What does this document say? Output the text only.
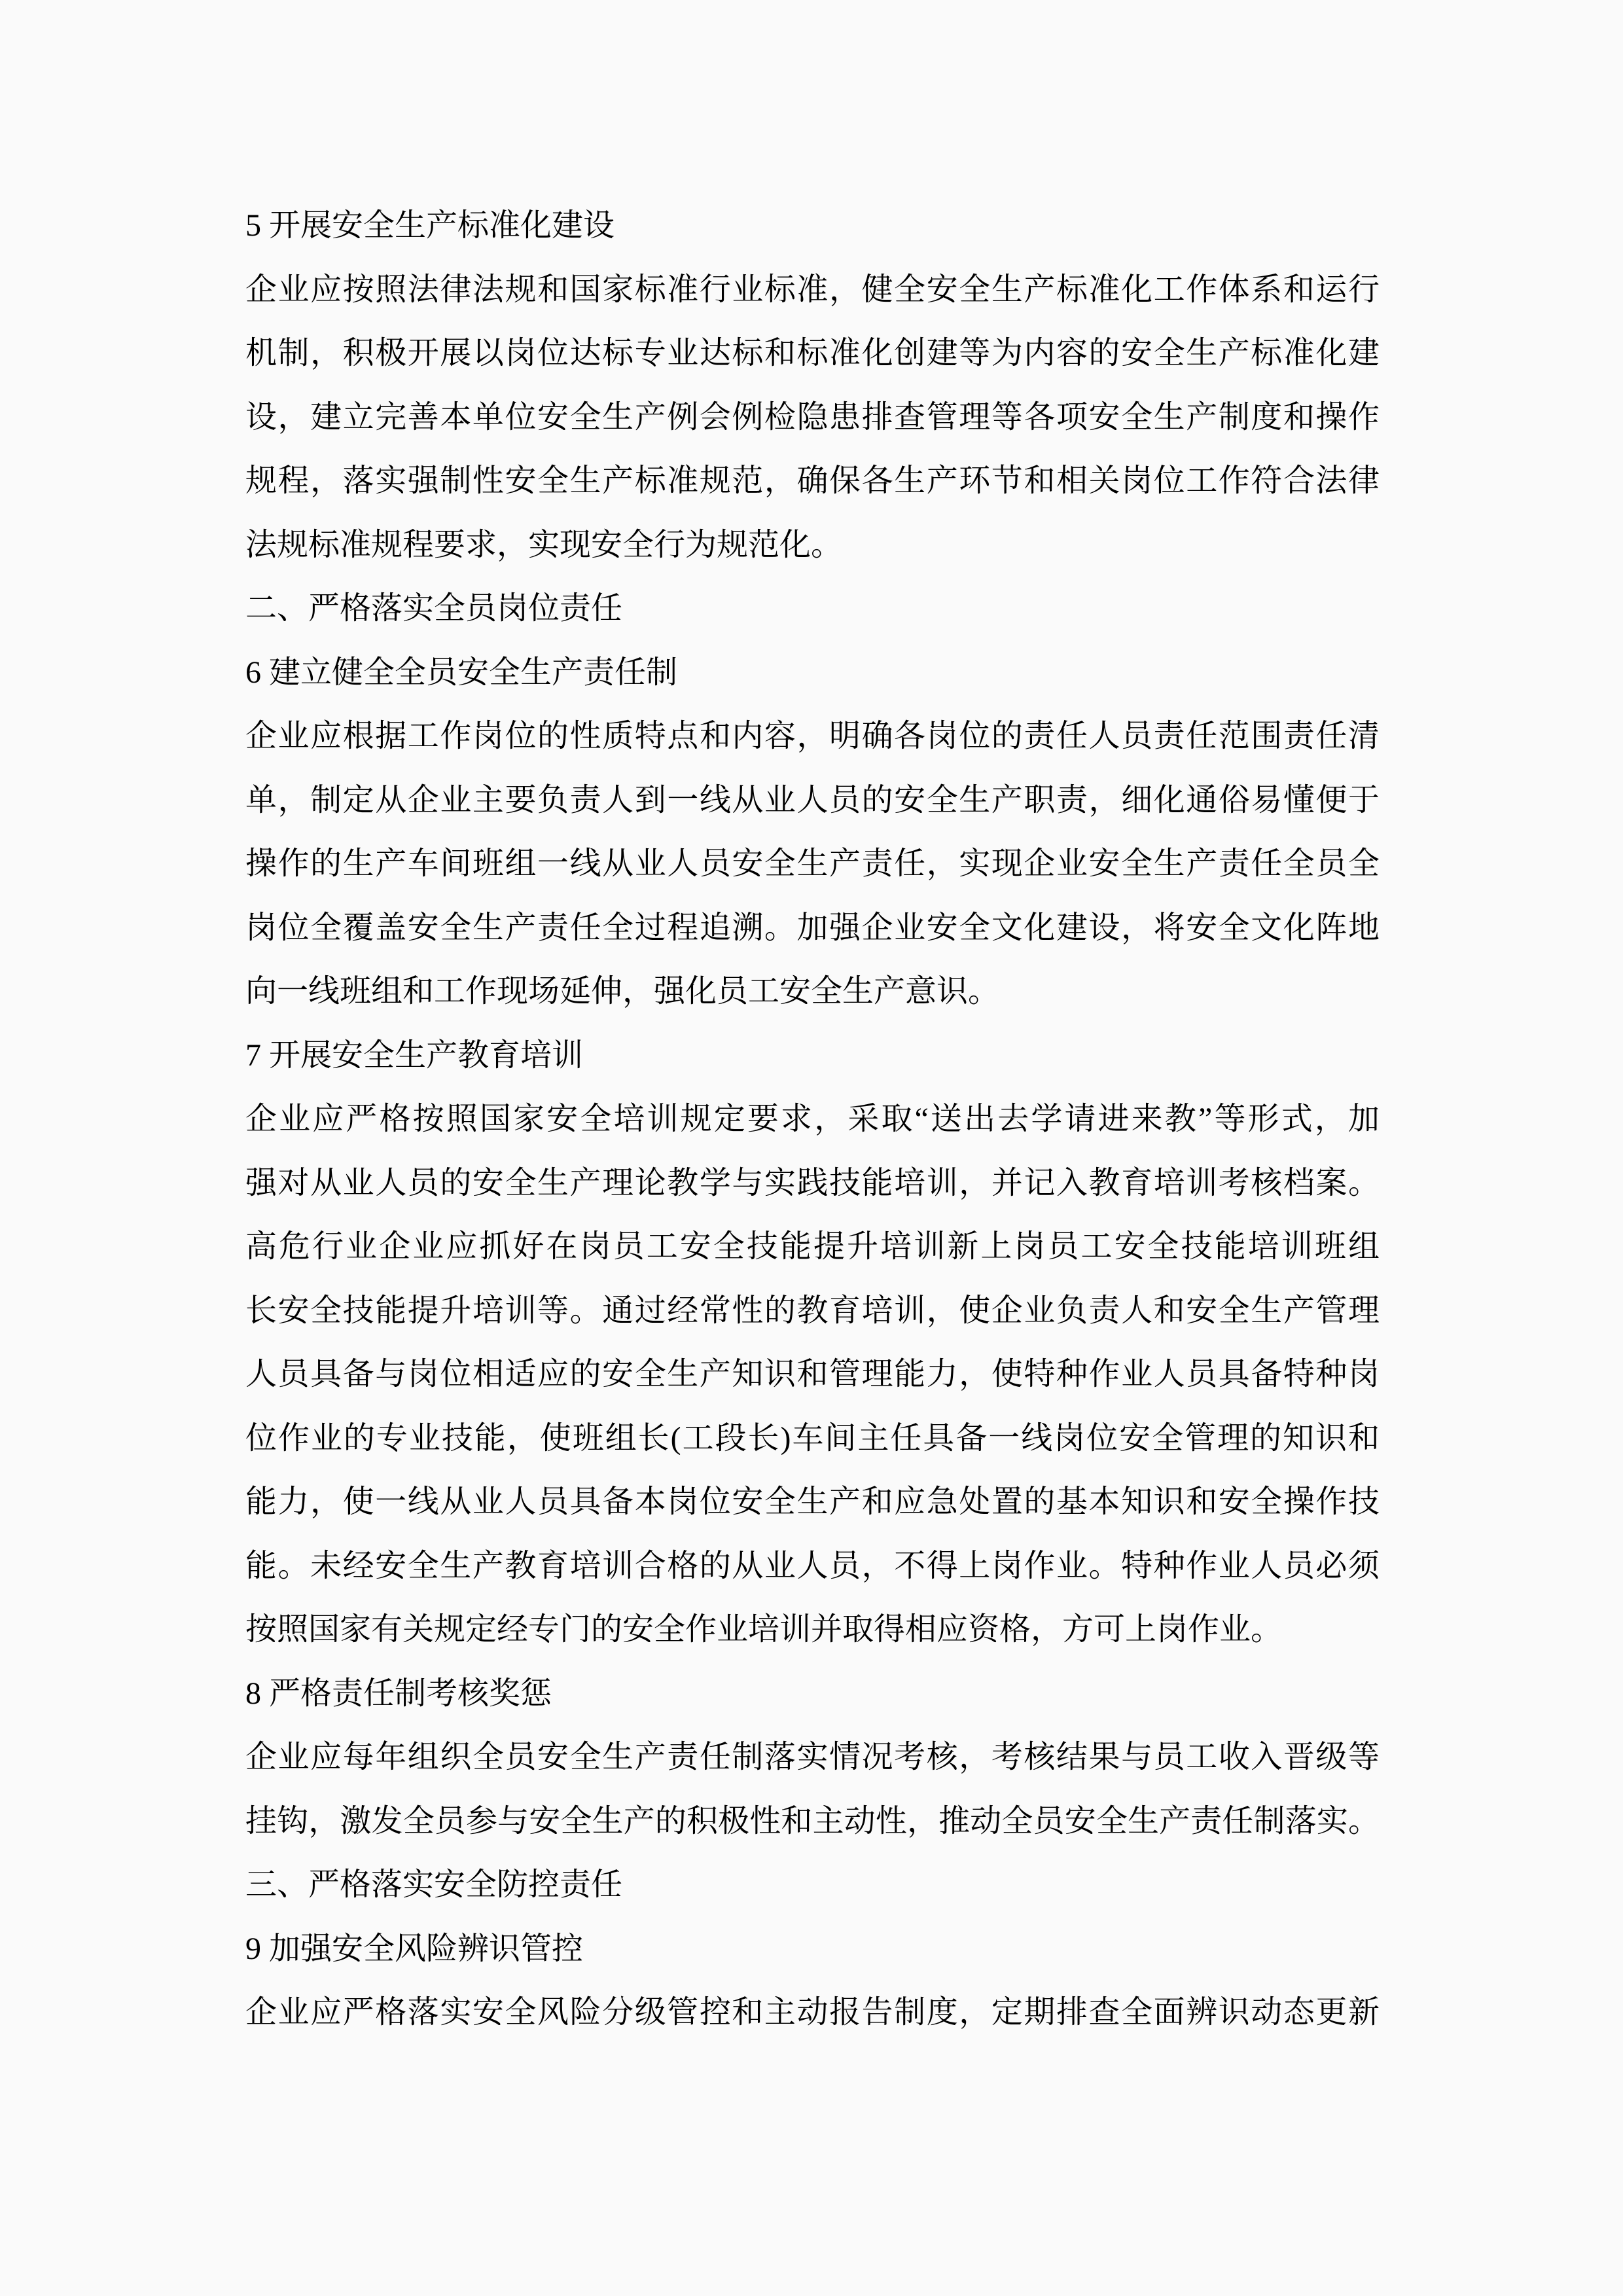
5 开展安全生产标准化建设
企业应按照法律法规和国家标准行业标准，健全安全生产标准化工作体系和运行
机制，积极开展以岗位达标专业达标和标准化创建等为内容的安全生产标准化建
设，建立完善本单位安全生产例会例检隐患排查管理等各项安全生产制度和操作
规程，落实强制性安全生产标准规范，确保各生产环节和相关岗位工作符合法律
法规标准规程要求，实现安全行为规范化。
二、严格落实全员岗位责任
6 建立健全全员安全生产责任制
企业应根据工作岗位的性质特点和内容，明确各岗位的责任人员责任范围责任清
单，制定从企业主要负责人到一线从业人员的安全生产职责，细化通俗易懂便于
操作的生产车间班组一线从业人员安全生产责任，实现企业安全生产责任全员全
岗位全覆盖安全生产责任全过程追溯。加强企业安全文化建设，将安全文化阵地
向一线班组和工作现场延伸，强化员工安全生产意识。
7 开展安全生产教育培训
企业应严格按照国家安全培训规定要求，采取“送出去学请进来教”等形式，加
强对从业人员的安全生产理论教学与实践技能培训，并记入教育培训考核档案。
高危行业企业应抓好在岗员工安全技能提升培训新上岗员工安全技能培训班组
长安全技能提升培训等。通过经常性的教育培训，使企业负责人和安全生产管理
人员具备与岗位相适应的安全生产知识和管理能力，使特种作业人员具备特种岗
位作业的专业技能，使班组长(工段长)车间主任具备一线岗位安全管理的知识和
能力，使一线从业人员具备本岗位安全生产和应急处置的基本知识和安全操作技
能。未经安全生产教育培训合格的从业人员，不得上岗作业。特种作业人员必须
按照国家有关规定经专门的安全作业培训并取得相应资格，方可上岗作业。
8 严格责任制考核奖惩
企业应每年组织全员安全生产责任制落实情况考核，考核结果与员工收入晋级等
挂钩，激发全员参与安全生产的积极性和主动性，推动全员安全生产责任制落实。
三、严格落实安全防控责任
9 加强安全风险辨识管控
企业应严格落实安全风险分级管控和主动报告制度，定期排查全面辨识动态更新
